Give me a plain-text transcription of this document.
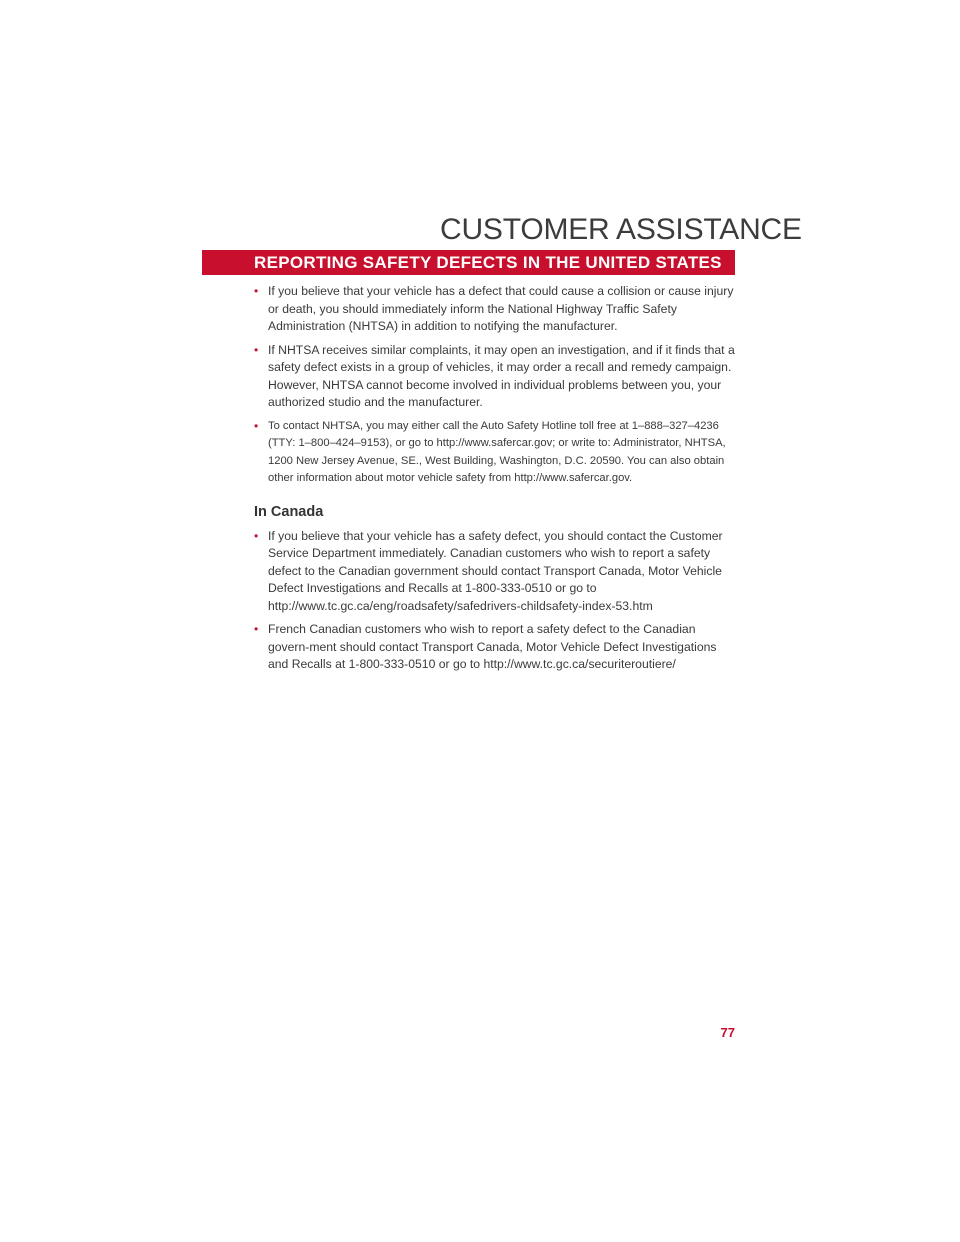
CUSTOMER ASSISTANCE
REPORTING SAFETY DEFECTS IN THE UNITED STATES
• If you believe that your vehicle has a defect that could cause a collision or cause injury or death, you should immediately inform the National Highway Traffic Safety Administration (NHTSA) in addition to notifying the manufacturer.
• If NHTSA receives similar complaints, it may open an investigation, and if it finds that a safety defect exists in a group of vehicles, it may order a recall and remedy campaign. However, NHTSA cannot become involved in individual problems between you, your authorized studio and the manufacturer.
• To contact NHTSA, you may either call the Auto Safety Hotline toll free at 1–888–327–4236 (TTY: 1–800–424–9153), or go to http://www.safercar.gov; or write to: Administrator, NHTSA, 1200 New Jersey Avenue, SE., West Building, Washington, D.C. 20590. You can also obtain other information about motor vehicle safety from http://www.safercar.gov.
In Canada
• If you believe that your vehicle has a safety defect, you should contact the Customer Service Department immediately. Canadian customers who wish to report a safety defect to the Canadian government should contact Transport Canada, Motor Vehicle Defect Investigations and Recalls at 1-800-333-0510 or go to http://www.tc.gc.ca/eng/roadsafety/safedrivers-childsafety-index-53.htm
• French Canadian customers who wish to report a safety defect to the Canadian govern-ment should contact Transport Canada, Motor Vehicle Defect Investigations and Recalls at 1-800-333-0510 or go to http://www.tc.gc.ca/securiteroutiere/
77
